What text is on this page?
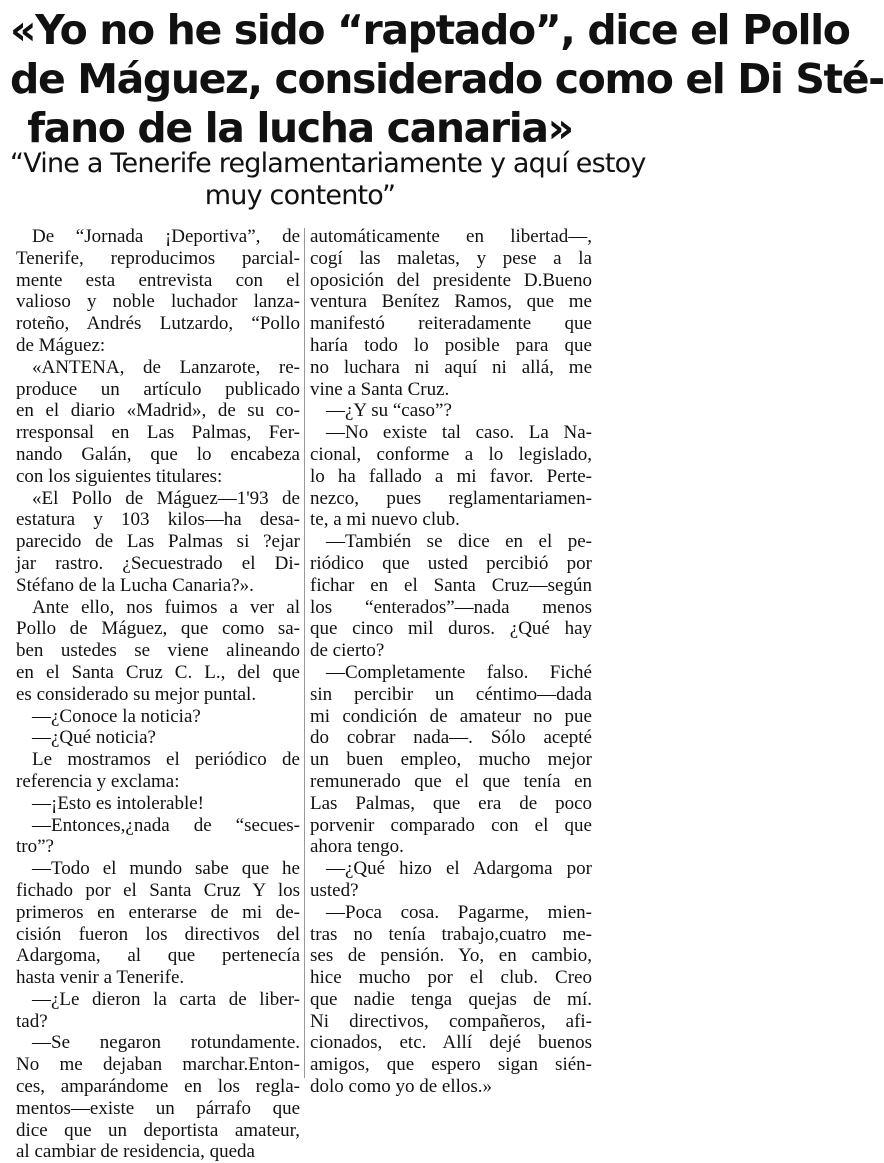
«Yo no he sido “raptado”, dice el Pollo
de Máguez, considerado como el Di Sté-
fano de la lucha canaria»
“Vine a Tenerife reglamentariamente y aquí estoy
muy contento”
De “Jornada ¡Deportiva”, de
Tenerife, reproducimos parcial-
mente esta entrevista con el
valioso y noble luchador lanza-
roteño, Andrés Lutzardo, “Pollo
de Máguez:
«ANTENA, de Lanzarote, re-
produce un artículo publicado
en el diario «Madrid», de su co-
rresponsal en Las Palmas, Fer-
nando Galán, que lo encabeza
con los siguientes titulares:
«El Pollo de Máguez—1'93 de
estatura y 103 kilos—ha desa-
parecido de Las Palmas si ?ejar
jar rastro. ¿Secuestrado el Di-
Stéfano de la Lucha Canaria?».
Ante ello, nos fuimos a ver al
Pollo de Máguez, que como sa-
ben ustedes se viene alineando
en el Santa Cruz C. L., del que
es considerado su mejor puntal.
—¿Conoce la noticia?
—¿Qué noticia?
Le mostramos el periódico de
referencia y exclama:
—¡Esto es intolerable!
—Entonces,¿nada de “secues-
tro”?
—Todo el mundo sabe que he
fichado por el Santa Cruz Y los
primeros en enterarse de mi de-
cisión fueron los directivos del
Adargoma, al que pertenecía
hasta venir a Tenerife.
—¿Le dieron la carta de liber-
tad?
—Se negaron rotundamente.
No me dejaban marchar.Enton-
ces, amparándome en los regla-
mentos—existe un párrafo que
dice que un deportista amateur,
al cambiar de residencia, queda
automáticamente en libertad—,
cogí las maletas, y pese a la
oposición del presidente D.Bueno
ventura Benítez Ramos, que me
manifestó reiteradamente que
haría todo lo posible para que
no luchara ni aquí ni allá, me
vine a Santa Cruz.
—¿Y su “caso”?
—No existe tal caso. La Na-
cional, conforme a lo legislado,
lo ha fallado a mi favor. Perte-
nezco, pues reglamentariamen-
te, a mi nuevo club.
—También se dice en el pe-
riódico que usted percibió por
fichar en el Santa Cruz—según
los “enterados”—nada menos
que cinco mil duros. ¿Qué hay
de cierto?
—Completamente falso. Fiché
sin percibir un céntimo—dada
mi condición de amateur no pue
do cobrar nada—. Sólo acepté
un buen empleo, mucho mejor
remunerado que el que tenía en
Las Palmas, que era de poco
porvenir comparado con el que
ahora tengo.
—¿Qué hizo el Adargoma por
usted?
—Poca cosa. Pagarme, mien-
tras no tenía trabajo,cuatro me-
ses de pensión. Yo, en cambio,
hice mucho por el club. Creo
que nadie tenga quejas de mí.
Ni directivos, compañeros, afi-
cionados, etc. Allí dejé buenos
amigos, que espero sigan sién-
dolo como yo de ellos.»
